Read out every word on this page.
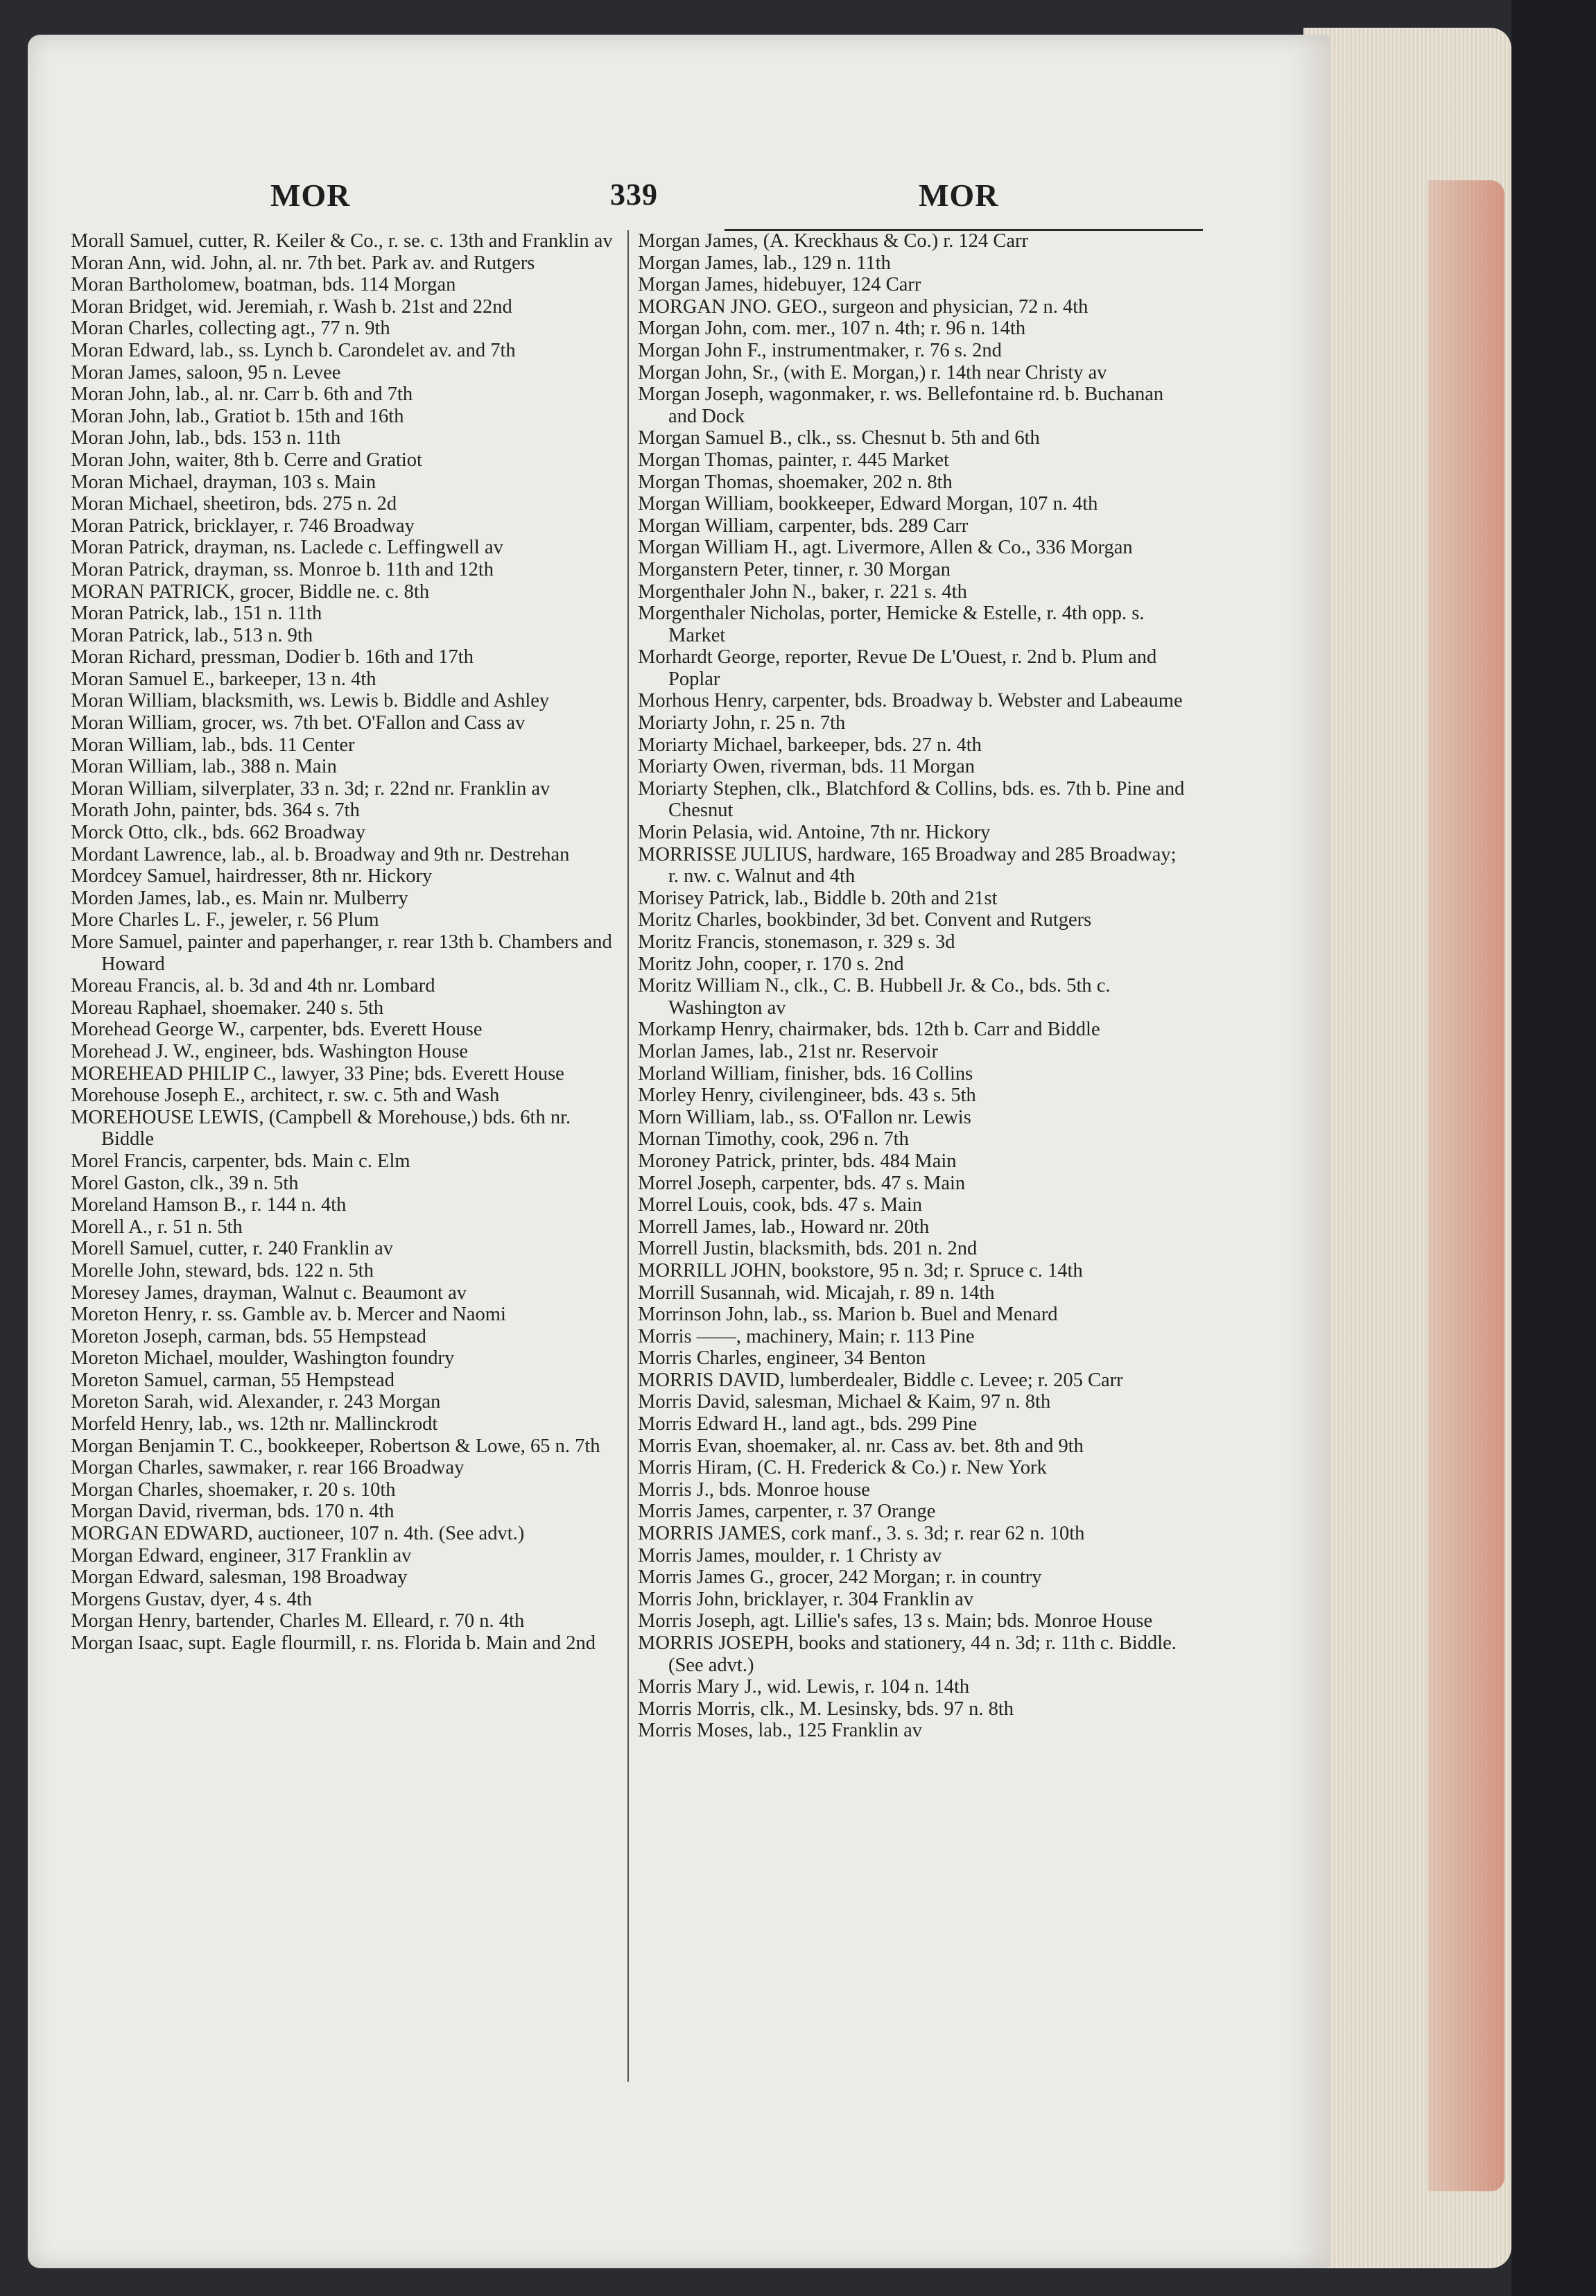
MOR	339	MOR

Morall Samuel, cutter, R. Keiler & Co., r. se. c. 13th and Franklin av

Moran Ann, wid. John, al. nr. 7th bet. Park av. and Rutgers

Moran Bartholomew, boatman, bds. 114 Morgan

Moran Bridget, wid. Jeremiah, r. Wash b. 21st and 22nd

Moran Charles, collecting agt., 77 n. 9th

Moran Edward, lab., ss. Lynch b. Carondelet av. and 7th

Moran James, saloon, 95 n. Levee

Moran John, lab., al. nr. Carr b. 6th and 7th

Moran John, lab., Gratiot b. 15th and 16th

Moran John, lab., bds. 153 n. 11th

Moran John, waiter, 8th b. Cerre and Gratiot

Moran Michael, drayman, 103 s. Main

Moran Michael, sheetiron, bds. 275 n. 2d

Moran Patrick, bricklayer, r. 746 Broadway

Moran Patrick, drayman, ns. Laclede c. Leffingwell av

Moran Patrick, drayman, ss. Monroe b. 11th and 12th

MORAN PATRICK, grocer, Biddle ne. c. 8th

Moran Patrick, lab., 151 n. 11th

Moran Patrick, lab., 513 n. 9th

Moran Richard, pressman, Dodier b. 16th and 17th

Moran Samuel E., barkeeper, 13 n. 4th

Moran William, blacksmith, ws. Lewis b. Biddle and Ashley

Moran William, grocer, ws. 7th bet. O'Fallon and Cass av

Moran William, lab., bds. 11 Center

Moran William, lab., 388 n. Main

Moran William, silverplater, 33 n. 3d; r. 22nd nr. Franklin av

Morath John, painter, bds. 364 s. 7th

Morck Otto, clk., bds. 662 Broadway

Mordant Lawrence, lab., al. b. Broadway and 9th nr. Destrehan

Mordcey Samuel, hairdresser, 8th nr. Hickory

Morden James, lab., es. Main nr. Mulberry

More Charles L. F., jeweler, r. 56 Plum

More Samuel, painter and paperhanger, r. rear 13th b. Chambers and Howard

Moreau Francis, al. b. 3d and 4th nr. Lombard

Moreau Raphael, shoemaker. 240 s. 5th

Morehead George W., carpenter, bds. Everett House

Morehead J. W., engineer, bds. Washington House

MOREHEAD PHILIP C., lawyer, 33 Pine; bds. Everett House

Morehouse Joseph E., architect, r. sw. c. 5th and Wash

MOREHOUSE LEWIS, (Campbell & Morehouse,) bds. 6th nr. Biddle

Morel Francis, carpenter, bds. Main c. Elm

Morel Gaston, clk., 39 n. 5th

Moreland Hamson B., r. 144 n. 4th

Morell A., r. 51 n. 5th

Morell Samuel, cutter, r. 240 Franklin av

Morelle John, steward, bds. 122 n. 5th

Moresey James, drayman, Walnut c. Beaumont av

Moreton Henry, r. ss. Gamble av. b. Mercer and Naomi

Moreton Joseph, carman, bds. 55 Hempstead

Moreton Michael, moulder, Washington foundry

Moreton Samuel, carman, 55 Hempstead

Moreton Sarah, wid. Alexander, r. 243 Morgan

Morfeld Henry, lab., ws. 12th nr. Mallinckrodt

Morgan Benjamin T. C., bookkeeper, Robertson & Lowe, 65 n. 7th

Morgan Charles, sawmaker, r. rear 166 Broadway

Morgan Charles, shoemaker, r. 20 s. 10th

Morgan David, riverman, bds. 170 n. 4th

MORGAN EDWARD, auctioneer, 107 n. 4th. (See advt.)

Morgan Edward, engineer, 317 Franklin av

Morgan Edward, salesman, 198 Broadway

Morgens Gustav, dyer, 4 s. 4th

Morgan Henry, bartender, Charles M. Elleard, r. 70 n. 4th

Morgan Isaac, supt. Eagle flourmill, r. ns. Florida b. Main and 2nd

Morgan James, (A. Kreckhaus & Co.) r. 124 Carr

Morgan James, lab., 129 n. 11th

Morgan James, hidebuyer, 124 Carr

MORGAN JNO. GEO., surgeon and physician, 72 n. 4th

Morgan John, com. mer., 107 n. 4th; r. 96 n. 14th

Morgan John F., instrumentmaker, r. 76 s. 2nd

Morgan John, Sr., (with E. Morgan,) r. 14th near Christy av

Morgan Joseph, wagonmaker, r. ws. Bellefontaine rd. b. Buchanan and Dock

Morgan Samuel B., clk., ss. Chesnut b. 5th and 6th

Morgan Thomas, painter, r. 445 Market

Morgan Thomas, shoemaker, 202 n. 8th

Morgan William, bookkeeper, Edward Morgan, 107 n. 4th

Morgan William, carpenter, bds. 289 Carr

Morgan William H., agt. Livermore, Allen & Co., 336 Morgan

Morganstern Peter, tinner, r. 30 Morgan

Morgenthaler John N., baker, r. 221 s. 4th

Morgenthaler Nicholas, porter, Hemicke & Estelle, r. 4th opp. s. Market

Morhardt George, reporter, Revue De L'Ouest, r. 2nd b. Plum and Poplar

Morhous Henry, carpenter, bds. Broadway b. Webster and Labeaume

Moriarty John, r. 25 n. 7th

Moriarty Michael, barkeeper, bds. 27 n. 4th

Moriarty Owen, riverman, bds. 11 Morgan

Moriarty Stephen, clk., Blatchford & Collins, bds. es. 7th b. Pine and Chesnut

Morin Pelasia, wid. Antoine, 7th nr. Hickory

MORRISSE JULIUS, hardware, 165 Broadway and 285 Broadway; r. nw. c. Walnut and 4th

Morisey Patrick, lab., Biddle b. 20th and 21st

Moritz Charles, bookbinder, 3d bet. Convent and Rutgers

Moritz Francis, stonemason, r. 329 s. 3d

Moritz John, cooper, r. 170 s. 2nd

Moritz William N., clk., C. B. Hubbell Jr. & Co., bds. 5th c. Washington av

Morkamp Henry, chairmaker, bds. 12th b. Carr and Biddle

Morlan James, lab., 21st nr. Reservoir

Morland William, finisher, bds. 16 Collins

Morley Henry, civilengineer, bds. 43 s. 5th

Morn William, lab., ss. O'Fallon nr. Lewis

Mornan Timothy, cook, 296 n. 7th

Moroney Patrick, printer, bds. 484 Main

Morrel Joseph, carpenter, bds. 47 s. Main

Morrel Louis, cook, bds. 47 s. Main

Morrell James, lab., Howard nr. 20th

Morrell Justin, blacksmith, bds. 201 n. 2nd

MORRILL JOHN, bookstore, 95 n. 3d; r. Spruce c. 14th

Morrill Susannah, wid. Micajah, r. 89 n. 14th

Morrinson John, lab., ss. Marion b. Buel and Menard

Morris ——, machinery, Main; r. 113 Pine

Morris Charles, engineer, 34 Benton

MORRIS DAVID, lumberdealer, Biddle c. Levee; r. 205 Carr

Morris David, salesman, Michael & Kaim, 97 n. 8th

Morris Edward H., land agt., bds. 299 Pine

Morris Evan, shoemaker, al. nr. Cass av. bet. 8th and 9th

Morris Hiram, (C. H. Frederick & Co.) r. New York

Morris J., bds. Monroe house

Morris James, carpenter, r. 37 Orange

MORRIS JAMES, cork manf., 3. s. 3d; r. rear 62 n. 10th

Morris James, moulder, r. 1 Christy av

Morris James G., grocer, 242 Morgan; r. in country

Morris John, bricklayer, r. 304 Franklin av

Morris Joseph, agt. Lillie's safes, 13 s. Main; bds. Monroe House

MORRIS JOSEPH, books and stationery, 44 n. 3d; r. 11th c. Biddle. (See advt.)

Morris Mary J., wid. Lewis, r. 104 n. 14th

Morris Morris, clk., M. Lesinsky, bds. 97 n. 8th

Morris Moses, lab., 125 Franklin av
